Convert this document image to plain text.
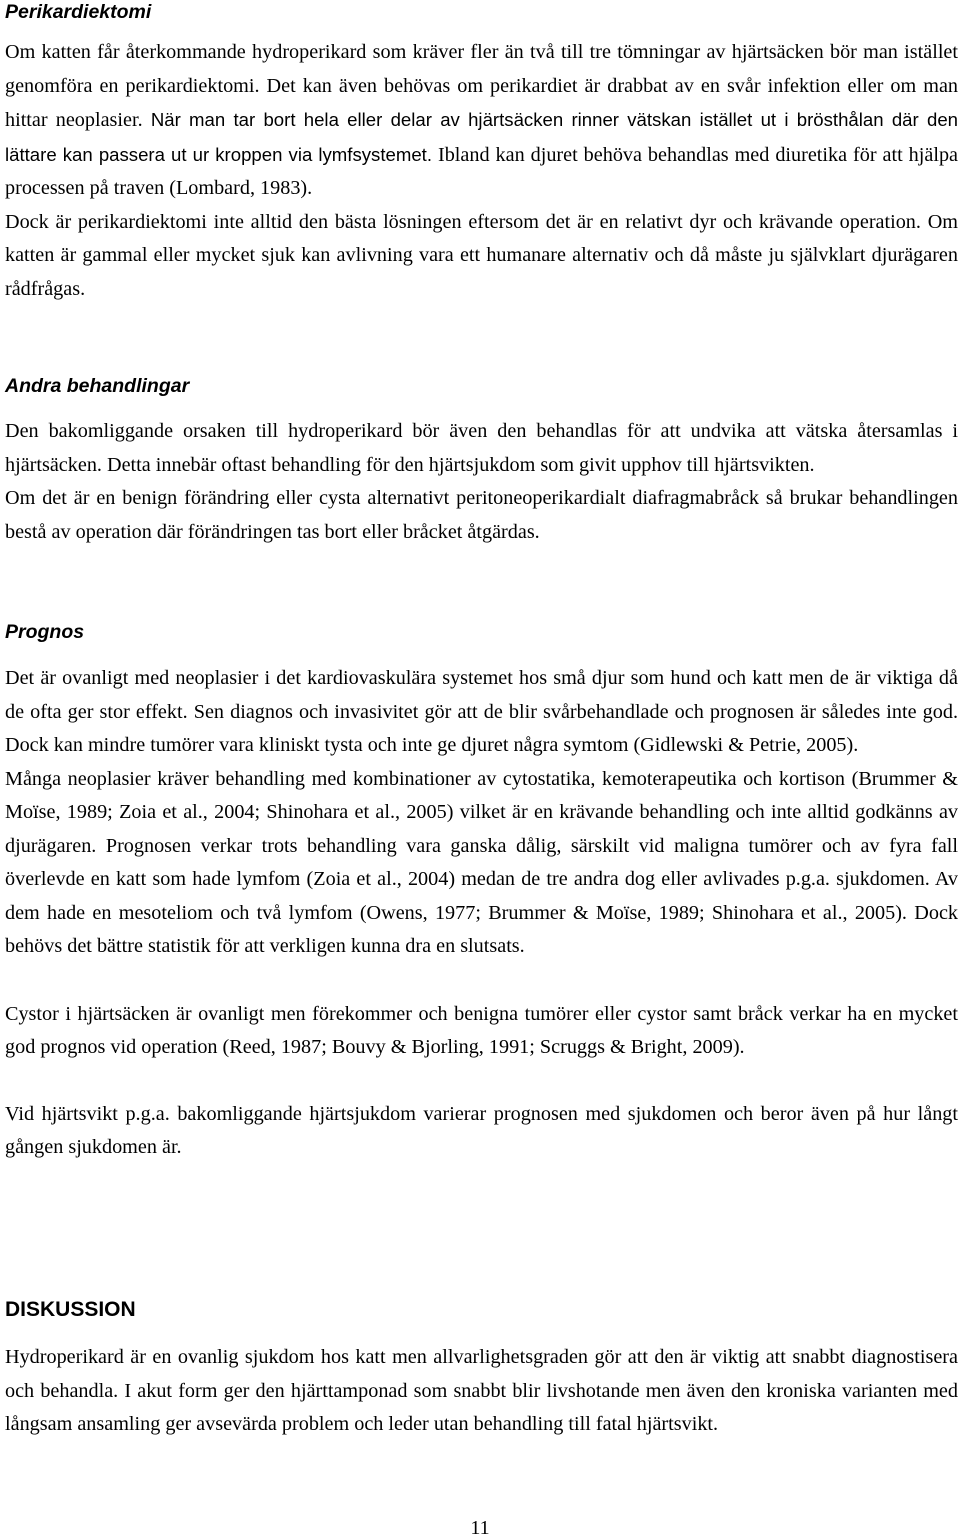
Perikardiektomi

Om katten får återkommande hydroperikard som kräver fler än två till tre tömningar av hjärtsäcken bör man istället genomföra en perikardiektomi. Det kan även behövas om perikardiet är drabbat av en svår infektion eller om man hittar neoplasier. När man tar bort hela eller delar av hjärtsäcken rinner vätskan istället ut i brösthålan där den lättare kan passera ut ur kroppen via lymfsystemet. Ibland kan djuret behöva behandlas med diuretika för att hjälpa processen på traven (Lombard, 1983).

Dock är perikardiektomi inte alltid den bästa lösningen eftersom det är en relativt dyr och krävande operation. Om katten är gammal eller mycket sjuk kan avlivning vara ett humanare alternativ och då måste ju självklart djurägaren rådfrågas.

Andra behandlingar

Den bakomliggande orsaken till hydroperikard bör även den behandlas för att undvika att vätska återsamlas i hjärtsäcken. Detta innebär oftast behandling för den hjärtsjukdom som givit upphov till hjärtsvikten.

Om det är en benign förändring eller cysta alternativt peritoneoperikardialt diafragmabråck så brukar behandlingen bestå av operation där förändringen tas bort eller bråcket åtgärdas.

Prognos

Det är ovanligt med neoplasier i det kardiovaskulära systemet hos små djur som hund och katt men de är viktiga då de ofta ger stor effekt. Sen diagnos och invasivitet gör att de blir svårbehandlade och prognosen är således inte god. Dock kan mindre tumörer vara kliniskt tysta och inte ge djuret några symtom (Gidlewski & Petrie, 2005).

Många neoplasier kräver behandling med kombinationer av cytostatika, kemoterapeutika och kortison (Brummer & Moïse, 1989; Zoia et al., 2004; Shinohara et al., 2005) vilket är en krävande behandling och inte alltid godkänns av djurägaren. Prognosen verkar trots behandling vara ganska dålig, särskilt vid maligna tumörer och av fyra fall överlevde en katt som hade lymfom (Zoia et al., 2004) medan de tre andra dog eller avlivades p.g.a. sjukdomen. Av dem hade en mesoteliom och två lymfom (Owens, 1977; Brummer & Moïse, 1989; Shinohara et al., 2005). Dock behövs det bättre statistik för att verkligen kunna dra en slutsats.

Cystor i hjärtsäcken är ovanligt men förekommer och benigna tumörer eller cystor samt bråck verkar ha en mycket god prognos vid operation (Reed, 1987; Bouvy & Bjorling, 1991; Scruggs & Bright, 2009).

Vid hjärtsvikt p.g.a. bakomliggande hjärtsjukdom varierar prognosen med sjukdomen och beror även på hur långt gången sjukdomen är.

DISKUSSION

Hydroperikard är en ovanlig sjukdom hos katt men allvarlighetsgraden gör att den är viktig att snabbt diagnostisera och behandla. I akut form ger den hjärttamponad som snabbt blir livshotande men även den kroniska varianten med långsam ansamling ger avsevärda problem och leder utan behandling till fatal hjärtsvikt.

11
